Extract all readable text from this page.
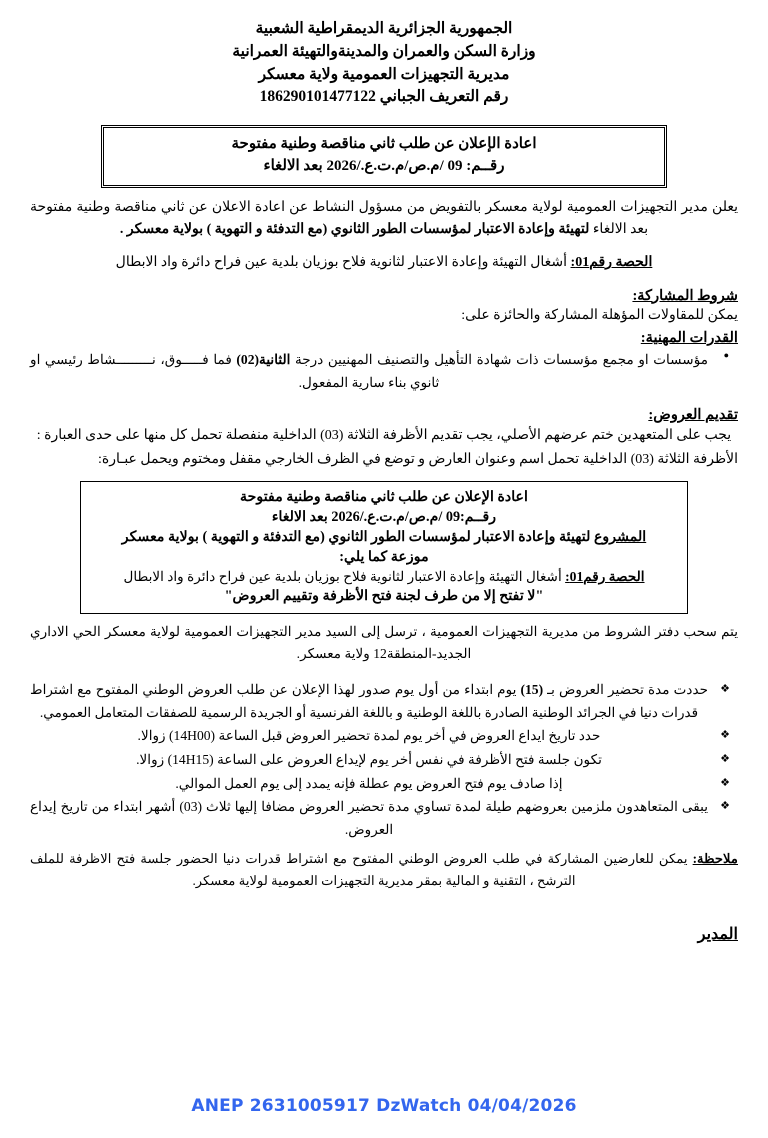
الجمهورية الجزائرية الديمقراطية الشعبية
وزارة السكن والعمران والمدينةوالتهيئة العمرانية
مديرية التجهيزات العمومية ولاية معسكر
رقم التعريف الجباني 186290101477122
اعادة الإعلان عن طلب ثاني مناقصة وطنية مفتوحة
رقــم: 09 /م.ص/م.ت.ع./2026 بعد الالغاء

يعلن مدير التجهيزات العمومية لولاية معسكر بالتفويض من مسؤول النشاط عن اعادة الاعلان عن ثاني مناقصة وطنية مفتوحة بعد الالغاء لتهيئة وإعادة الاعتبار لمؤسسات الطور الثانوي (مع التدفئة و التهوية ) بولاية معسكر .

الحصة رقم01: أشغال التهيئة وإعادة الاعتبار لثانوية فلاح بوزيان بلدية عين فراح دائرة واد الابطال

شروط المشاركة:
يمكن للمقاولات المؤهلة المشاركة والحائزة على:
القدرات المهنية:
● مؤسسات او مجمع مؤسسات ذات شهادة التأهيل والتصنيف المهنيين درجة الثانية(02) فما فـــــوق، نـــــــــشاط رئيسي او ثانوي بناء سارية المفعول.
تقديم العروض:

يجب على المتعهدين ختم عرضهم الأصلي، يجب تقديم الأظرفة الثلاثة (03) الداخلية منفصلة تحمل كل منها على حدى العبارة :

الأظرفة الثلاثة (03) الداخلية تحمل اسم وعنوان العارض و توضع في الظرف الخارجي مقفل ومختوم ويحمل عبـارة:

اعادة الإعلان عن طلب ثاني مناقصة وطنية مفتوحة
رقــم:09 /م.ص/م.ت.ع./2026 بعد الالغاء
المشروع لتهيئة وإعادة الاعتبار لمؤسسات الطور الثانوي (مع التدفئة و التهوية ) بولاية معسكر
موزعة كما يلي:
الحصة رقم01: أشغال التهيئة وإعادة الاعتبار لثانوية فلاح بوزيان بلدية عين فراح دائرة واد الابطال
"لا تفتح إلا من طرف لجنة فتح الأظرفة وتقييم العروض"

يتم سحب دفتر الشروط من مديرية التجهيزات العمومية ، ترسل إلى السيد مدير التجهيزات العمومية لولاية معسكر الحي الاداري الجديد-المنطقة12 ولاية معسكر.

❖ حددت مدة تحضير العروض بـ (15) يوم ابتداء من أول يوم صدور لهذا الإعلان عن طلب العروض الوطني المفتوح مع اشتراط قدرات دنيا في الجرائد الوطنية الصادرة باللغة الوطنية و باللغة الفرنسية أو الجريدة الرسمية للصفقات المتعامل العمومي.
❖ حدد تاريخ ايداع العروض في أخر يوم لمدة تحضير العروض قبل الساعة (14H00) زوالا.
❖ تكون جلسة فتح الأظرفة في نفس أخر يوم لإيداع العروض على الساعة (14H15) زوالا.
❖ إذا صادف يوم فتح العروض يوم عطلة فإنه يمدد إلى يوم العمل الموالي.
❖ يبقى المتعاهدون ملزمين بعروضهم طيلة لمدة تساوي مدة تحضير العروض مضافا إليها ثلاث (03) أشهر ابتداء من تاريخ إيداع العروض.

ملاحظة: يمكن للعارضين المشاركة في طلب العروض الوطني المفتوح مع اشتراط قدرات دنيا الحضور جلسة فتح الاظرفة للملف الترشح ، التقنية و المالية بمقر مديرية التجهيزات العمومية لولاية معسكر.

المدير
ANEP 2631005917 DzWatch 04/04/2026
